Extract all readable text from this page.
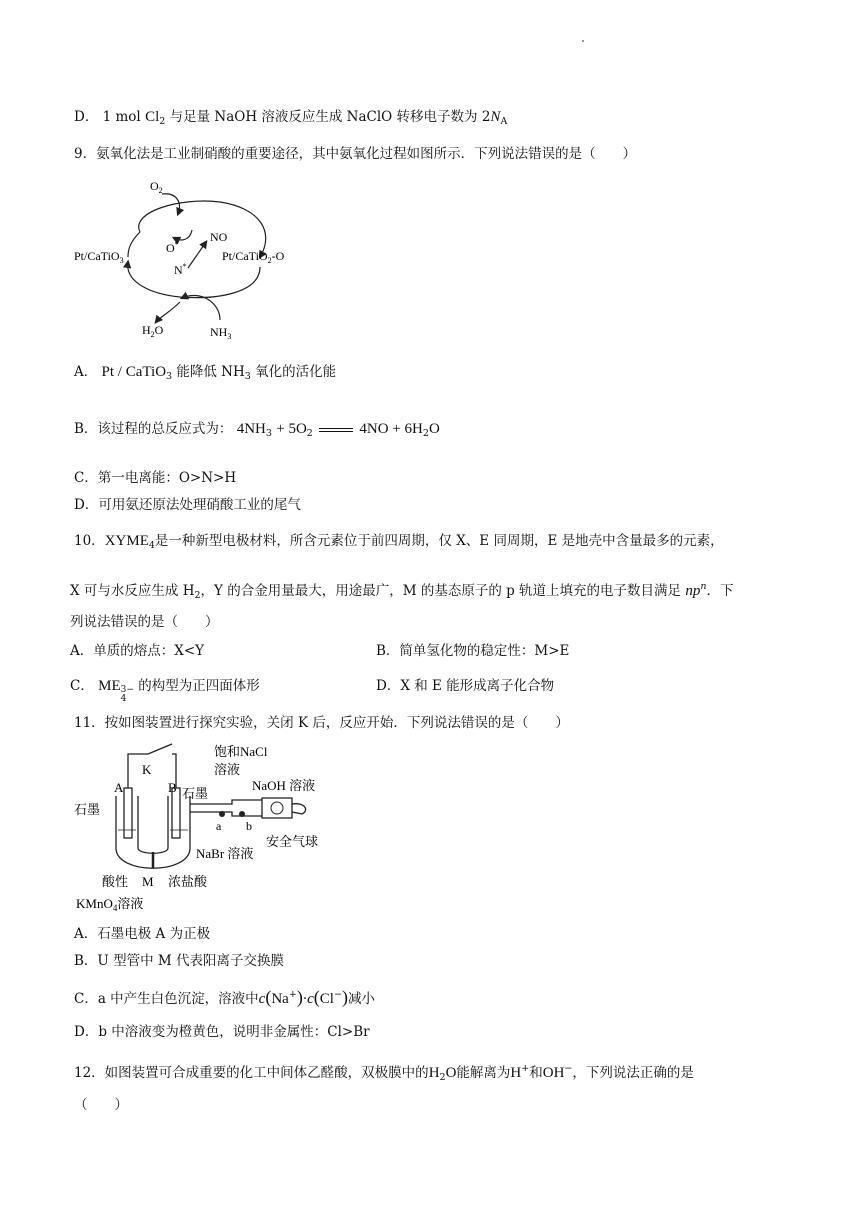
D． 1 mol $Cl_2$ 与足量 NaOH 溶液反应生成 NaClO 转移电子数为 $2N_A$
9．氨氧化法是工业制硝酸的重要途径，其中氨氧化过程如图所示．下列说法错误的是（　　）
$O_2$
O*
NO
N*
Pt/CaTiO$_3$	Pt/CaTiO$_2$-O
$H_2O$	$NH_3$
A． Pt / CaTiO$_3$ 能降低 $NH_3$ 氧化的活化能
B．该过程的总反应式为： $4NH_3 + 5O_2$	$4NO + 6H_2O$
C．第一电离能：O>N>H
D．可用氨还原法处理硝酸工业的尾气
10．$XYME_4$是一种新型电极材料，所含元素位于前四周期，仅 X、E 同周期，E 是地壳中含量最多的元素，
X 可与水反应生成 $H_2$，Y 的合金用量最大，用途最广，M 的基态原子的 p 轨道上填充的电子数目满足 $np^n$．下
列说法错误的是（　　）
A．单质的熔点：X<Y	B．简单氢化物的稳定性：M>E
C． ME 3−
4
的构型为正四面体形	D．X 和 E 能形成离子化合物
11．按如图装置进行探究实验，关闭 K 后，反应开始．下列说法错误的是（　　）
K
A	B
饱和NaCl
溶液
石墨
石墨
NaOH 溶液
a b
安全气球
NaBr 溶液
酸性 M 浓盐酸
KMnO$_4$溶液
A．石墨电极 A 为正极
B．U 型管中 M 代表阳离子交换膜
C．a 中产生白色沉淀，溶液中c(Na+)·c(Cl−)减小
D．b 中溶液变为橙黄色，说明非金属性：Cl>Br
12．如图装置可合成重要的化工中间体乙醛酸，双极膜中的$H_2O$能解离为H+和OH−，下列说法正确的是
（　　）
